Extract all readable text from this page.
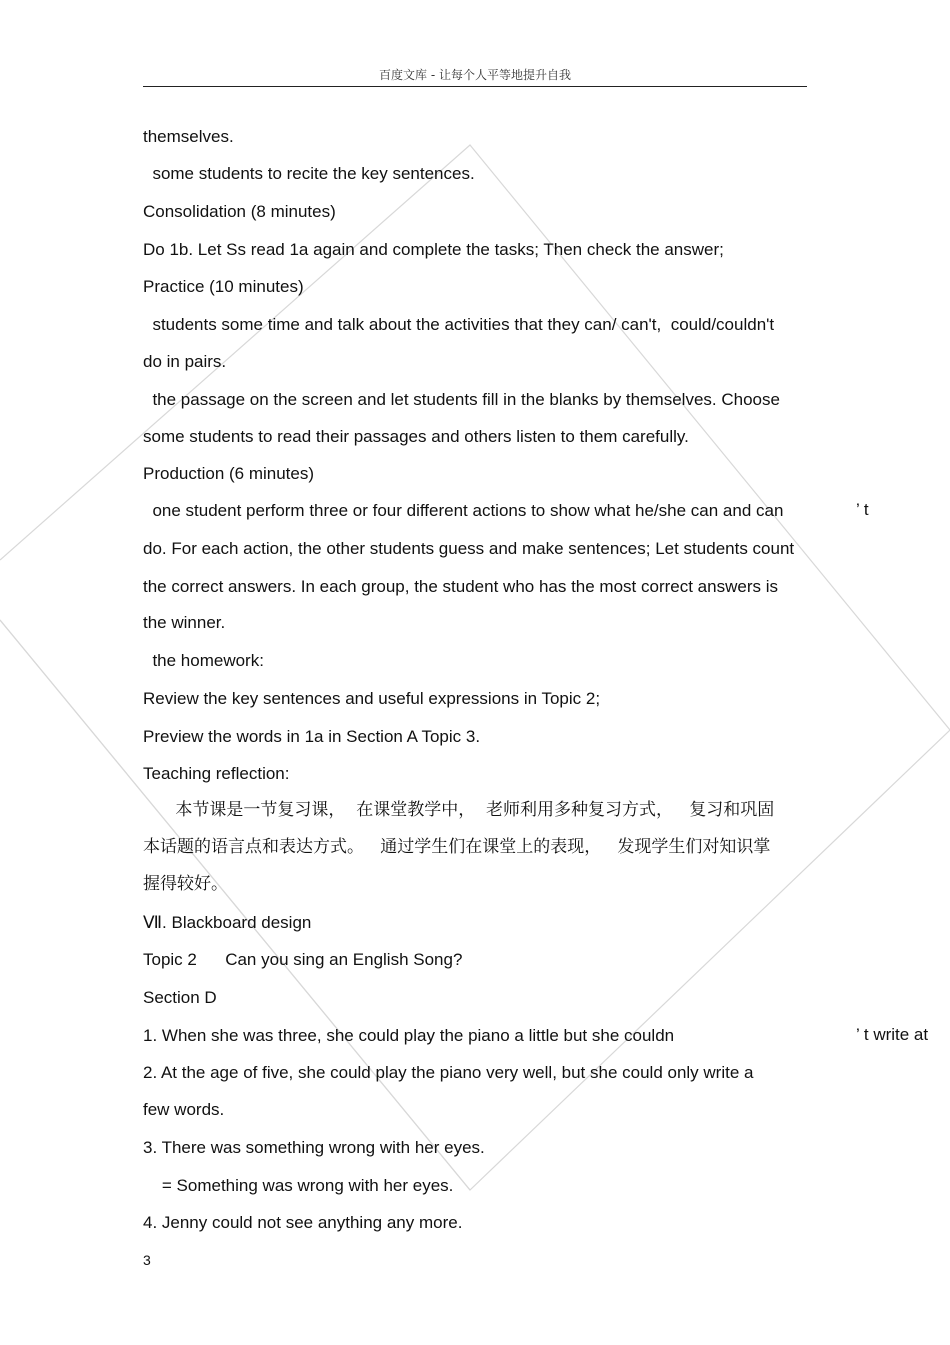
百度文库 - 让每个人平等地提升自我
themselves.
some students to recite the key sentences.
Consolidation (8 minutes)
Do 1b. Let Ss read 1a again and complete the tasks; Then check the answer;
Practice (10 minutes)
students some time and talk about the activities that they can/ can't,  could/couldn't
do in pairs.
the passage on the screen and let students fill in the blanks by themselves. Choose
some students to read their passages and others listen to them carefully.
Production (6 minutes)
one student perform three or four different actions to show what he/she can and can	’ t
do. For each action, the other students guess and make sentences; Let students count
the correct answers. In each group, the student who has the most correct answers is
the winner.
the homework:
Review the key sentences and useful expressions in Topic 2;
Preview the words in 1a in Section A Topic 3.
Teaching reflection:
本节课是一节复习课，  在课堂教学中，  老师利用多种复习方式，   复习和巩固
本话题的语言点和表达方式。   通过学生们在课堂上的表现，   发现学生们对知识掌
握得较好。
Ⅶ. Blackboard design
Topic 2      Can you sing an English Song?
Section D
1. When she was three, she could play the piano a little but she couldn	’ t write at
2. At the age of five, she could play the piano very well, but she could only write a
few words.
3. There was something wrong with her eyes.
= Something was wrong with her eyes.
4. Jenny could not see anything any more.
3
